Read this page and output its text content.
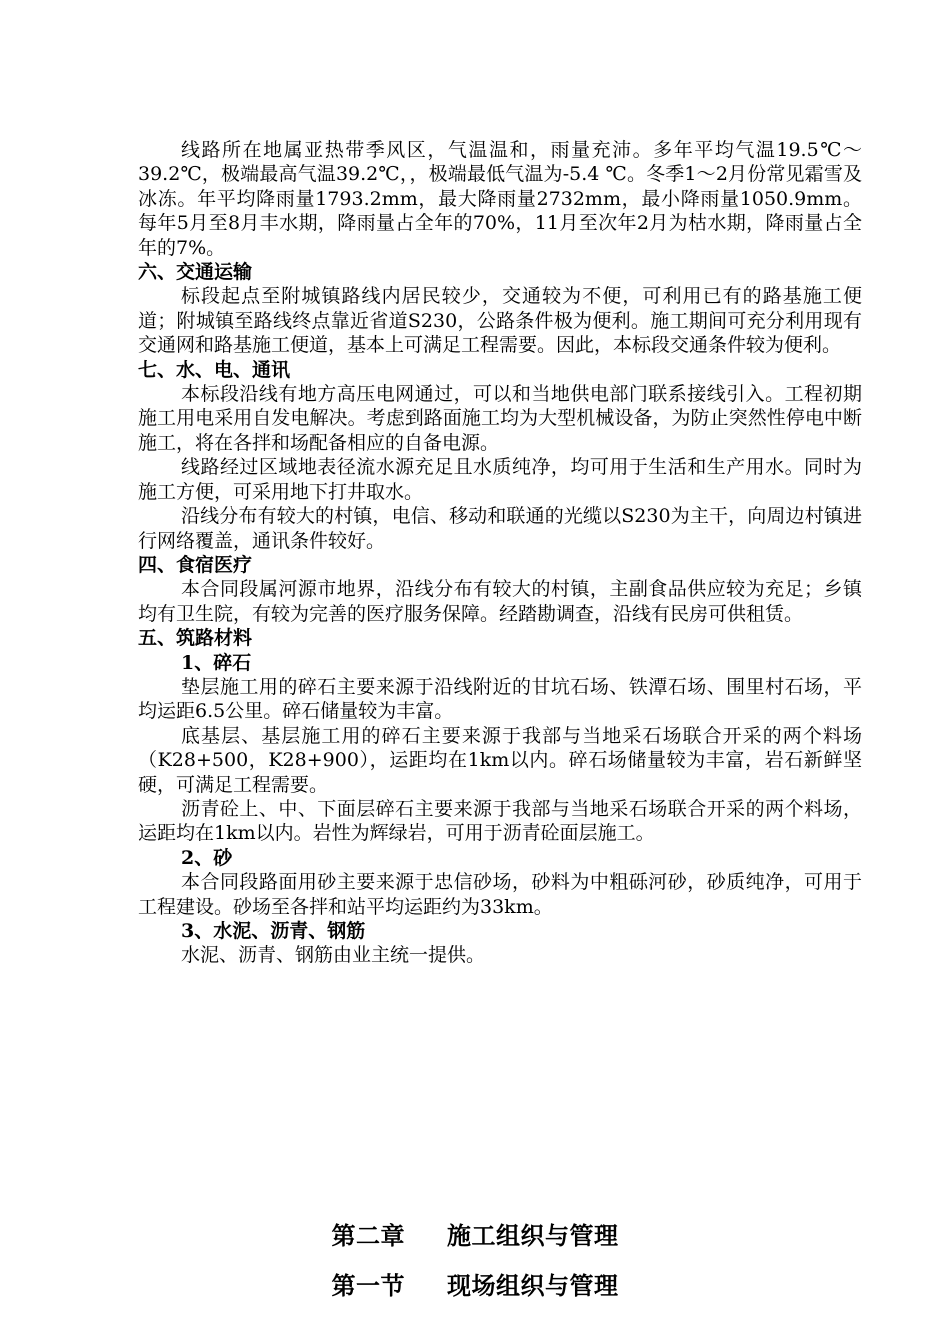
线路所在地属亚热带季风区，气温温和，雨量充沛。多年平均气温19.5℃～39.2℃，极端最高气温39.2℃，，极端最低气温为-5.4 ℃。冬季1～2月份常见霜雪及冰冻。年平均降雨量1793.2mm，最大降雨量2732mm，最小降雨量1050.9mm。每年5月至8月丰水期，降雨量占全年的70%，11月至次年2月为枯水期，降雨量占全年的7%。

六、交通运输

标段起点至附城镇路线内居民较少，交通较为不便，可利用已有的路基施工便道；附城镇至路线终点靠近省道S230，公路条件极为便利。施工期间可充分利用现有交通网和路基施工便道，基本上可满足工程需要。因此，本标段交通条件较为便利。

七、水、电、通讯

本标段沿线有地方高压电网通过，可以和当地供电部门联系接线引入。工程初期施工用电采用自发电解决。考虑到路面施工均为大型机械设备，为防止突然性停电中断施工，将在各拌和场配备相应的自备电源。

线路经过区域地表径流水源充足且水质纯净，均可用于生活和生产用水。同时为施工方便，可采用地下打井取水。

沿线分布有较大的村镇，电信、移动和联通的光缆以S230为主干，向周边村镇进行网络覆盖，通讯条件较好。

四、食宿医疗

本合同段属河源市地界，沿线分布有较大的村镇，主副食品供应较为充足；乡镇均有卫生院，有较为完善的医疗服务保障。经踏勘调查，沿线有民房可供租赁。

五、筑路材料

1、碎石

垫层施工用的碎石主要来源于沿线附近的甘坑石场、铁潭石场、围里村石场，平均运距6.5公里。碎石储量较为丰富。

底基层、基层施工用的碎石主要来源于我部与当地采石场联合开采的两个料场（K28+500，K28+900），运距均在1km以内。碎石场储量较为丰富，岩石新鲜坚硬，可满足工程需要。

沥青砼上、中、下面层碎石主要来源于我部与当地采石场联合开采的两个料场，运距均在1km以内。岩性为辉绿岩，可用于沥青砼面层施工。

2、砂

本合同段路面用砂主要来源于忠信砂场，砂料为中粗砾河砂，砂质纯净，可用于工程建设。砂场至各拌和站平均运距约为33km。

3、水泥、沥青、钢筋

水泥、沥青、钢筋由业主统一提供。

第二章 施工组织与管理
第一节 现场组织与管理
